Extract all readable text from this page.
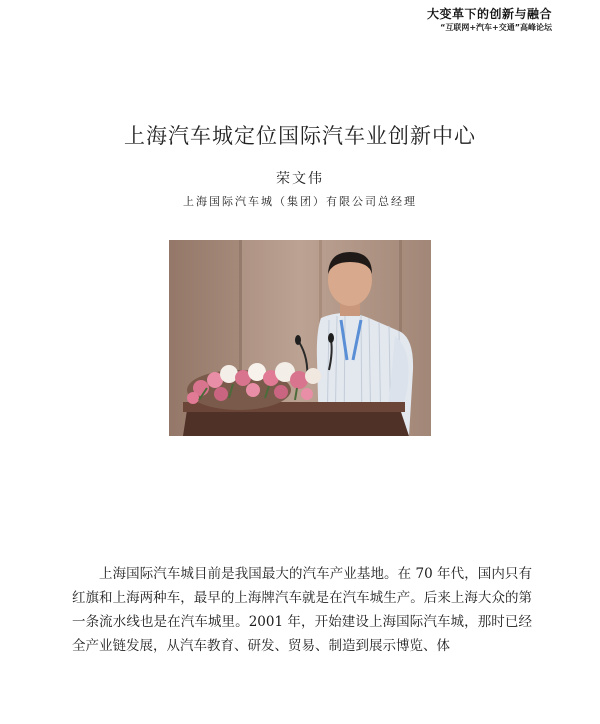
大变革下的创新与融合
“互联网+汽车+交通”高峰论坛
上海汽车城定位国际汽车业创新中心
荣文伟
上海国际汽车城（集团）有限公司总经理

上海国际汽车城目前是我国最大的汽车产业基地。在 70 年代，国内只有红旗和上海两种车，最早的上海牌汽车就是在汽车城生产。后来上海大众的第一条流水线也是在汽车城里。2001 年，开始建设上海国际汽车城，那时已经全产业链发展，从汽车教育、研发、贸易、制造到展示博览、体
